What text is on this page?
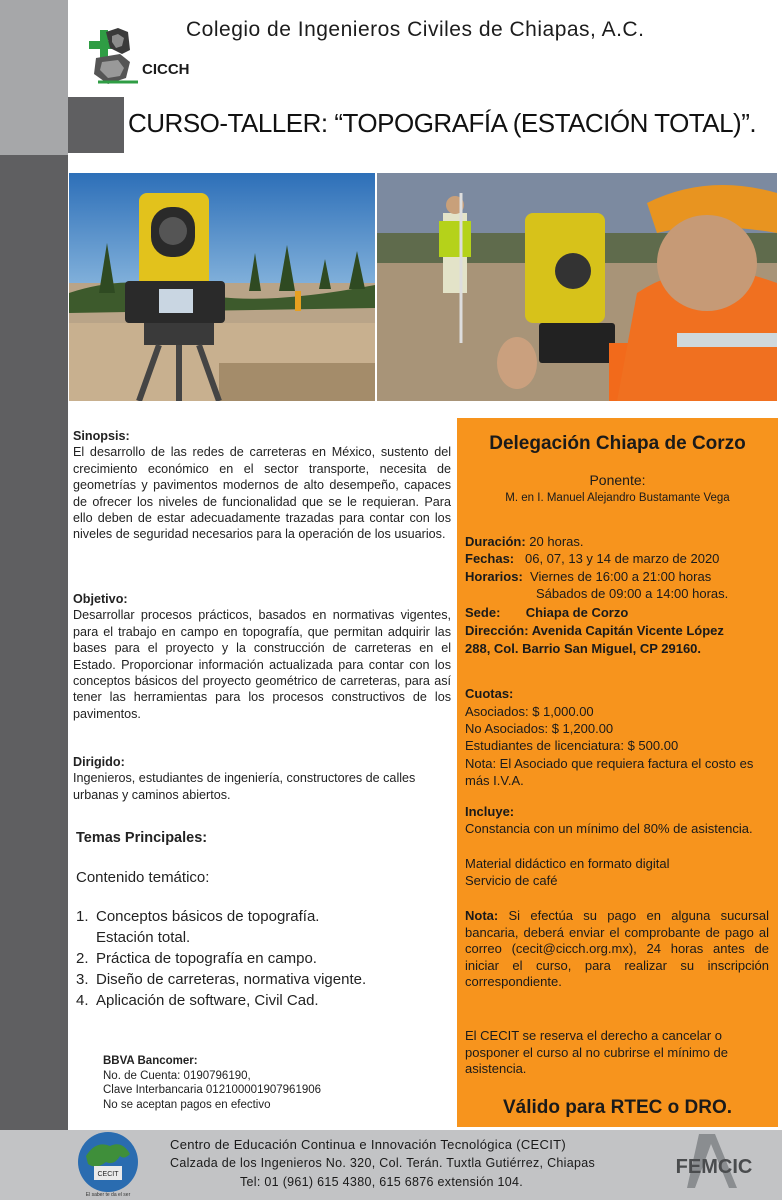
CICCH
Colegio de Ingenieros Civiles de Chiapas, A.C.
CURSO-TALLER: “TOPOGRAFÍA (ESTACIÓN TOTAL)”.
Sinopsis:
El desarrollo de las redes de carreteras en México, sustento del crecimiento económico en el sector transporte, necesita de geometrías y pavimentos modernos de alto desempeño, capaces de ofrecer los niveles de funcionalidad que se le requieran. Para ello deben de estar adecuadamente trazadas para contar con los niveles de seguridad necesarios para la operación de los usuarios.
Objetivo:
Desarrollar procesos prácticos, basados en normativas vigentes, para el trabajo en campo en topografía, que permitan adquirir las bases para el proyecto y la construcción de carreteras en el Estado. Proporcionar información actualizada para contar con los conceptos básicos del proyecto geométrico de carreteras, para así tener las herramientas para los procesos constructivos de los pavimentos.
Dirigido:
Ingenieros, estudiantes de ingeniería, constructores de calles urbanas y caminos abiertos.
Temas Principales:
Contenido temático:
1. Conceptos básicos de topografía.
Estación total.
2. Práctica de topografía en campo.
3. Diseño de carreteras, normativa vigente.
4. Aplicación de software, Civil Cad.
BBVA Bancomer:
No. de Cuenta: 0190796190,
Clave Interbancaria 012100001907961906
No se aceptan pagos en efectivo
Delegación Chiapa de Corzo
Ponente:
M. en I. Manuel Alejandro Bustamante Vega
Duración: 20 horas.
Fechas: 06, 07, 13 y 14 de marzo de 2020
Horarios: Viernes de 16:00 a 21:00 horas
Sábados de 09:00 a 14:00 horas.
Sede: Chiapa de Corzo
Dirección: Avenida Capitán Vicente López
288, Col. Barrio San Miguel, CP 29160.
Cuotas:
Asociados: $ 1,000.00
No Asociados: $ 1,200.00
Estudiantes de licenciatura: $ 500.00
Nota: El Asociado que requiera factura el costo es más I.V.A.
Incluye:
Constancia con un mínimo del 80% de asistencia.
Material didáctico en formato digital
Servicio de café
Nota: Si efectúa su pago en alguna sucursal bancaria, deberá enviar el comprobante de pago al correo (cecit@cicch.org.mx), 24 horas antes de iniciar el curso, para realizar su inscripción correspondiente.
El CECIT se reserva el derecho a cancelar o posponer el curso al no cubrirse el mínimo de asistencia.
Válido para RTEC o DRO.
CECIT
El saber te da el ser
Centro de Educación Continua e Innovación Tecnológica (CECIT)
Calzada de los Ingenieros No. 320, Col. Terán. Tuxtla Gutiérrez, Chiapas
Tel: 01 (961) 615 4380, 615 6876 extensión 104.
FEMCIC
